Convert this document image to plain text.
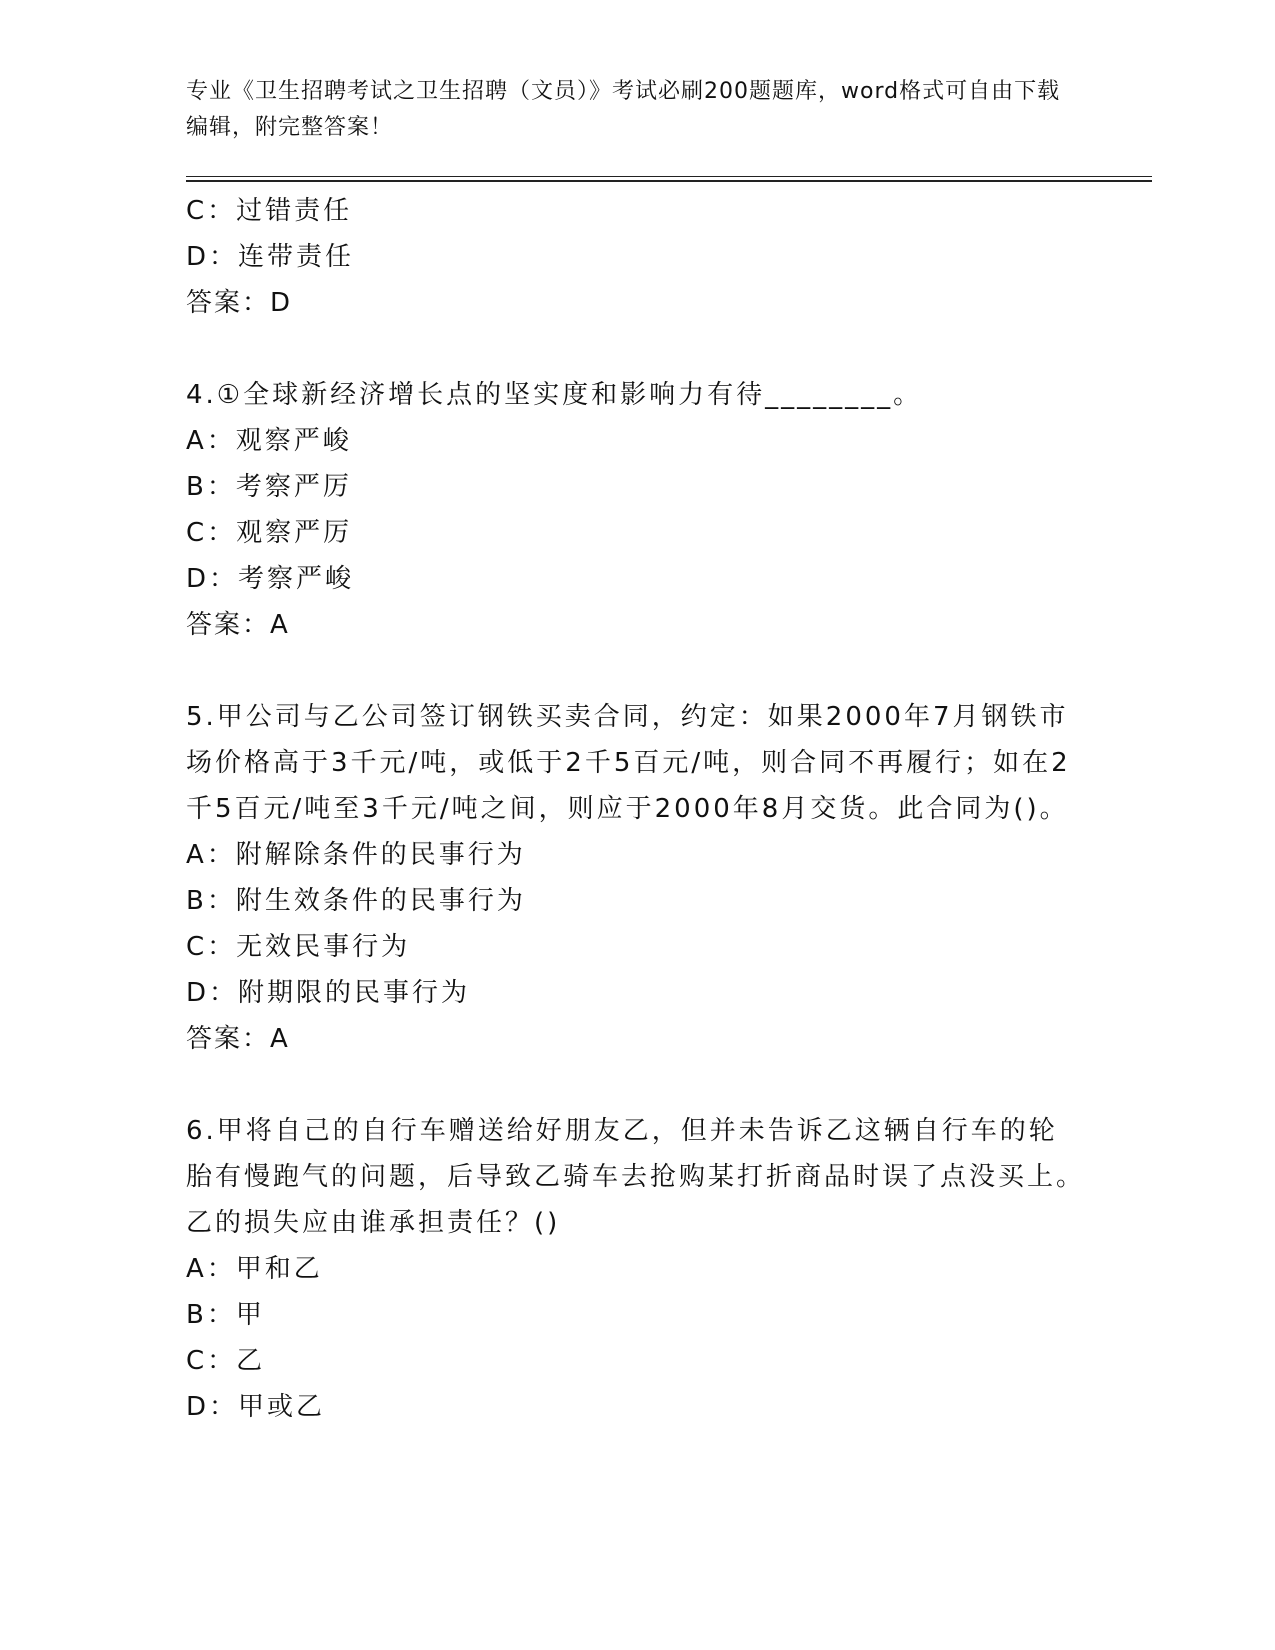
专业《卫生招聘考试之卫生招聘（文员）》考试必刷200题题库，word格式可自由下载编辑，附完整答案！
C：过错责任
D：连带责任
答案：D
4.①全球新经济增长点的坚实度和影响力有待________。
A：观察严峻
B：考察严厉
C：观察严厉
D：考察严峻
答案：A
5.甲公司与乙公司签订钢铁买卖合同，约定：如果2000年7月钢铁市场价格高于3千元/吨，或低于2千5百元/吨，则合同不再履行；如在2千5百元/吨至3千元/吨之间，则应于2000年8月交货。此合同为()。
A：附解除条件的民事行为
B：附生效条件的民事行为
C：无效民事行为
D：附期限的民事行为
答案：A
6.甲将自己的自行车赠送给好朋友乙，但并未告诉乙这辆自行车的轮胎有慢跑气的问题，后导致乙骑车去抢购某打折商品时误了点没买上。乙的损失应由谁承担责任？()
A：甲和乙
B：甲
C：乙
D：甲或乙
